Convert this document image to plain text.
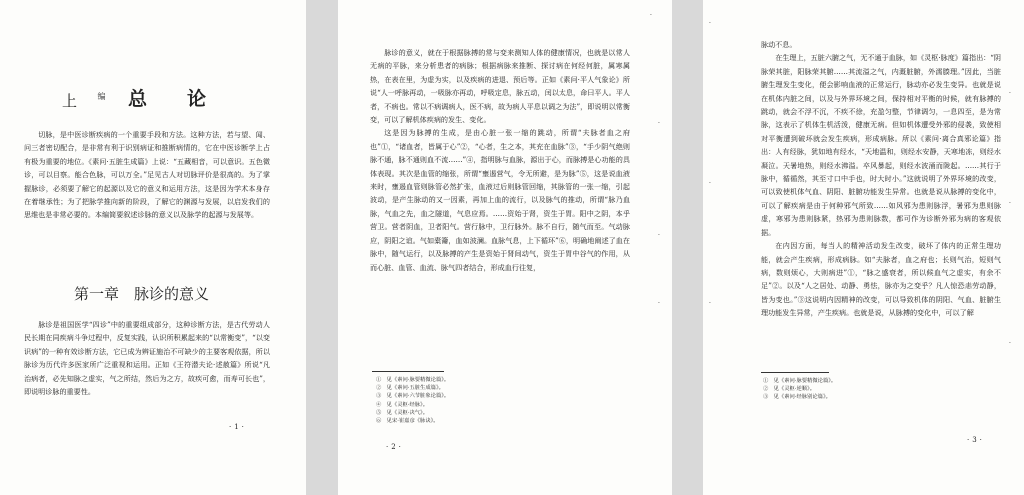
上 编 总论

切脉，是中医诊断疾病的一个重要手段和方法。这种方法，若与望、闻、问三者密切配合，是非常有利于识别病证和推断病情的，它在中医诊断学上占有极为重要的地位。《素问·五脏生成篇》上说：“五藏相音，可以意识。五色微诊，可以目察。能合色脉，可以万全。”足见古人对切脉评价是很高的。为了掌握脉诊，必须要了解它的起源以及它的意义和运用方法，这是因为学术本身存在着继承性；为了把脉学推向新的阶段，了解它的渊源与发展，以启发我们的思维也是非常必要的。本编简要叙述诊脉的意义以及脉学的起源与发展等。

第一章　脉诊的意义

脉诊是祖国医学“四诊”中的重要组成部分，这种诊断方法，是古代劳动人民长期在同疾病斗争过程中，反复实践，认识所积累起来的“以常衡变”，“以变识病”的一种有效诊断方法，它已成为辨证施治不可缺少的主要客观依据，所以脉诊为历代许多医家所广泛重视和运用。正如《王符潜夫论·述赦篇》所说“凡治病者，必先知脉之虚实，气之所结，然后为之方，故疾可愈，而寿可长也”，即说明诊脉的重要性。

·1·

脉诊的意义，就在于根据脉搏的常与变来测知人体的健康情况，也就是以常人无病的平脉，来分析患者的病脉；根据病脉来推断、探讨病在何经何脏，属寒属热，在表在里，为虚为实，以及疾病的进退、预后等。正如《素问·平人气象论》所说“人一呼脉再动，一吸脉亦再动，呼吸定息，脉五动，闰以太息，命曰平人。平人者，不病也。常以不病调病人，医不病，故为病人平息以调之为法”，即说明以常衡变，可以了解机体疾病的发生、变化。

这是因为脉搏的生成，是由心脏一张一缩的跳动，所谓“夫脉者血之府也”①，“诸血者，皆属于心”②，“心者，生之本，其充在血脉”③，“手少阴气绝则脉不通，脉不通则血不流……”④，指明脉与血脉，源出于心，而脉搏是心功能的具体表现。其次是血管的缩张，所谓“壅遏营气，令无所避，是为脉”⑤，这是说血液来时，壅遏血管则脉管必然扩张，血液过后则脉管回缩，其脉管的一张一缩，引起波动，是产生脉动的又一因素，再加上血的流行，以及脉气的推动，所谓“脉乃血脉，气血之先，血之隧道，气息应焉。……资始于肾，资生于胃。阳中之阴，本乎营卫。营者阴血，卫者阳气。营行脉中，卫行脉外。脉不自行，随气而至。气动脉应，阴阳之谊。气如橐籥，血如波澜。血脉气息，上下循环”⑥，明确地阐述了血在脉中，随气运行，以及脉搏的产生是资始于肾间动气，资生于胃中谷气的作用，从而心脏、血管、血流、脉气四者结合，形成血行往复，

①　见《素问·脉要精微论篇》。

②　见《素问·五脏生成篇》。

③　见《素问·六节脏象论篇》。

④　见《灵枢·经脉》。

⑤　见《灵枢·决气》。

⑥　见宋·崔嘉彦《脉诀》。

·2·
·
·
·
·

脉动不息。

在生理上，五脏六腑之气，无不通于血脉，如《灵枢·脉度》篇指出：“阴脉荣其脏，阳脉荣其腑……其流溢之气，内溉脏腑，外濡腠理。”因此，当脏腑生理发生变化，便会影响血液的正常运行，脉动亦必发生变异。也就是说在机体内脏之间，以及与外界环境之间，保持相对平衡的时候，就有脉搏的跳动，就会不浮不沉，不疾不徐，充盈匀整，节律调匀，一息四至，是为常脉，这表示了机体生机活泼，健康无病。但如机体遭受外邪的侵袭，致使相对平衡遭到破坏就会发生疾病，形成病脉。所以《素问·离合真邪论篇》指出：人有经脉，犹如地有经水，“天地温和，则经水安静，天寒地冻，则经水凝泣。天暑地热，则经水沸溢。卒风暴起，则经水波涌而陇起。……其行于脉中，循循然，其至寸口中手也，时大时小。”这就说明了外界环境的改变，可以致使机体气血、阴阳、脏腑功能发生异常。也就是说从脉搏的变化中，可以了解疾病是由于何种邪气所致……如风邪为患则脉浮，暑邪为患则脉虚，寒邪为患则脉紧，热邪为患则脉数，都可作为诊断外邪为病的客观依据。

在内因方面，每当人的精神活动发生改变，破坏了体内的正常生理功能，就会产生疾病，形成病脉。如“夫脉者，血之府也；长则气治，短则气病，数则烦心，大则病进”①，“脉之盛衰者，所以候血气之虚实，有余不足”②。以及“人之居处、动静、勇怯，脉亦为之变乎？凡人惊恐恚劳动静，皆为变也。”③这说明内因精神的改变，可以导致机体的阴阳、气血、脏腑生理功能发生异常，产生疾病。也就是说，从脉搏的变化中，可以了解

①　见《素问·脉要精微论篇》。

②　见《灵枢·逆顺》。

③　见《素问·经脉别论篇》。

·3·
·
·
·
·
·
·
